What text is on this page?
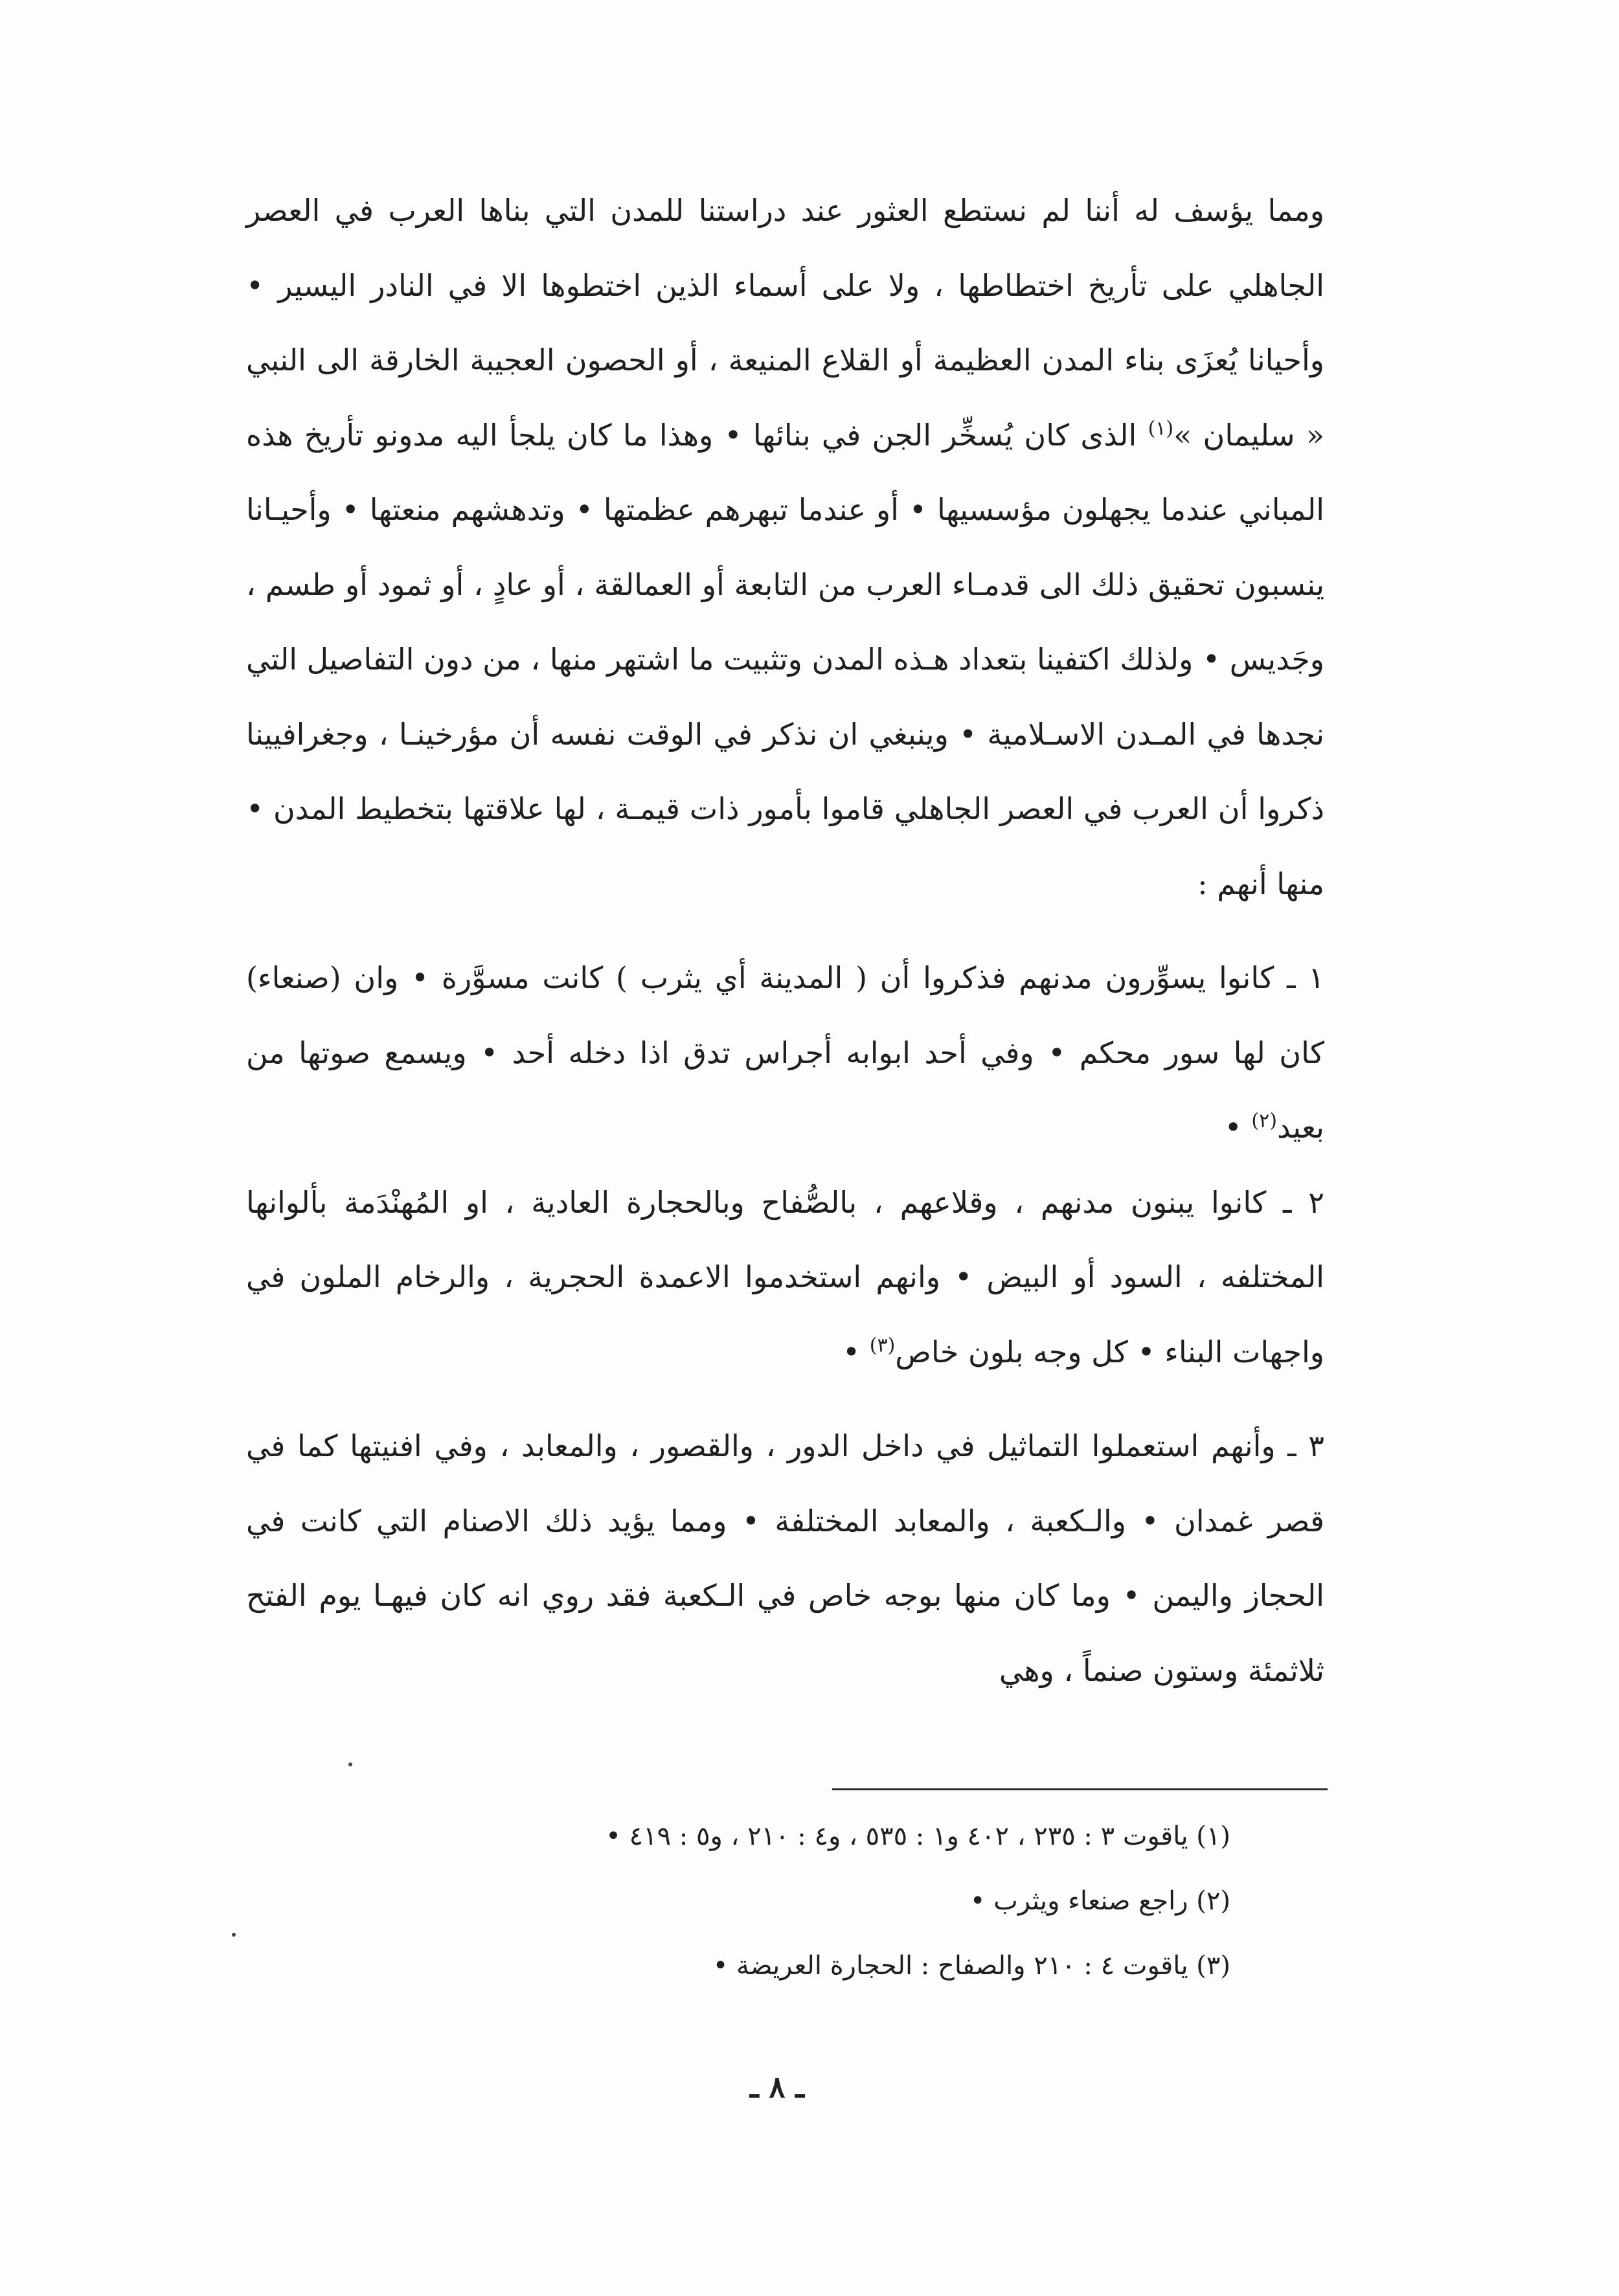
ومما يؤسف له أننا لم نستطع العثور عند دراستنا للمدن التي بناها العرب في العصر الجاهلي على تأريخ اختطاطها ، ولا على أسماء الذين اختطوها الا في النادر اليسير • وأحيانا يُعزَى بناء المدن العظيمة أو القلاع المنيعة ، أو الحصون العجيبة الخارقة الى النبي « سليمان »$^{(١)}$ الذى كان يُسخِّر الجن في بنائها • وهذا ما كان يلجأ اليه مدونو تأريخ هذه المباني عندما يجهلون مؤسسيها • أو عندما تبهرهم عظمتها • وتدهشهم منعتها • وأحيـانا ينسبون تحقيق ذلك الى قدمـاء العرب من التابعة أو العمالقة ، أو عادٍ ، أو ثمود أو طسم ، وجَديس • ولذلك اكتفينا بتعداد هـذه المدن وتثبيت ما اشتهر منها ، من دون التفاصيل التي نجدها في المـدن الاسـلامية • وينبغي ان نذكر في الوقت نفسه أن مؤرخينـا ، وجغرافيينا ذكروا أن العرب في العصر الجاهلي قاموا بأمور ذات قيمـة ، لها علاقتها بتخطيط المدن • منها أنهم :

١ ـ كانوا يسوِّرون مدنهم فذكروا أن ( المدينة أي يثرب ) كانت مسوَّرة • وان (صنعاء) كان لها سور محكم • وفي أحد ابوابه أجراس تدق اذا دخله أحد • ويسمع صوتها من بعيد$^{(٢)}$ •

٢ ـ كانوا يبنون مدنهم ، وقلاعهم ، بالصُّفاح وبالحجارة العادية ، او المُهنْدَمة بألوانها المختلفه ، السود أو البيض • وانهم استخدموا الاعمدة الحجرية ، والرخام الملون في واجهات البناء • كل وجه بلون خاص$^{(٣)}$ •

٣ ـ وأنهم استعملوا التماثيل في داخل الدور ، والقصور ، والمعابد ، وفي افنيتها كما في قصر غمدان • والـكعبة ، والمعابد المختلفة • ومما يؤيد ذلك الاصنام التي كانت في الحجاز واليمن • وما كان منها بوجه خاص في الـكعبة فقد روي انه كان فيهـا يوم الفتح ثلاثمئة وستون صنماً ، وهي

(١) ياقوت ٣ : ٢٣٥ ، ٤٠٢ و١ : ٥٣٥ ، و٤ : ٢١٠ ، و٥ : ٤١٩ •

(٢) راجع صنعاء ويثرب •

(٣) ياقوت ٤ : ٢١٠ والصفاح : الحجارة العريضة •

ـ ٨ ـ
